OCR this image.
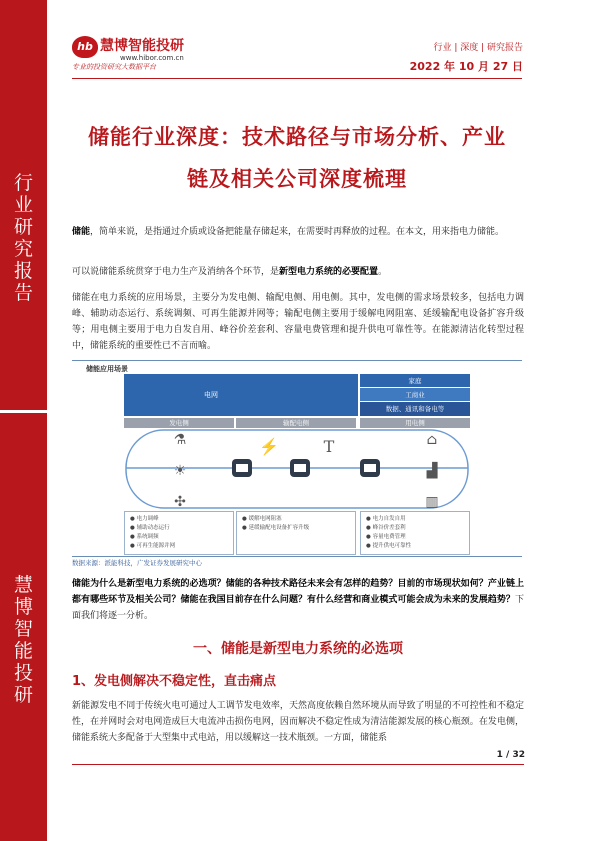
行
业
研
究
报
告
慧
博
智
能
投
研
hb 慧博智能投研
www.hibor.com.cn
专业的投资研究大数据平台
行业 | 深度 | 研究报告
2022 年 10 月 27 日
储能行业深度：技术路径与市场分析、产业
链及相关公司深度梳理
储能，简单来说，是指通过介质或设备把能量存储起来，在需要时再释放的过程。在本文，用来指电力储能。
可以说储能系统贯穿于电力生产及消纳各个环节，是新型电力系统的必要配置。
储能在电力系统的应用场景，主要分为发电侧、输配电侧、用电侧。其中，发电侧的需求场景较多，包括电力调峰、辅助动态运行、系统调频、可再生能源并网等；输配电侧主要用于缓解电网阻塞、延缓输配电设备扩容升级等；用电侧主要用于电力自发自用、峰谷价差套利、容量电费管理和提升供电可靠性等。在能源清洁化转型过程中，储能系统的重要性已不言而喻。
储能应用场景
电网
家庭
工商业
数据、通讯和备电等
发电侧	输配电侧	用电侧
⚗
☀
✣
⚡	T	⌂
▟
▥
● 电力调峰
● 辅助动态运行
● 系统调频
● 可再生能源并网
● 缓解电网阻塞
● 延缓输配电设备扩容升级
● 电力自发自用
● 峰谷价差套利
● 容量电费管理
● 提升供电可靠性
数据来源：派能科技，广发证券发展研究中心
储能为什么是新型电力系统的必选项？储能的各种技术路径未来会有怎样的趋势？目前的市场现状如何？产业链上都有哪些环节及相关公司？储能在我国目前存在什么问题？有什么经营和商业模式可能会成为未来的发展趋势？下面我们将逐一分析。
一、储能是新型电力系统的必选项
1、发电侧解决不稳定性，直击痛点
新能源发电不同于传统火电可通过人工调节发电效率，天然高度依赖自然环境从而导致了明显的不可控性和不稳定性，在并网时会对电网造成巨大电流冲击损伤电网，因而解决不稳定性成为清洁能源发展的核心瓶颈。在发电侧，储能系统大多配备于大型集中式电站，用以缓解这一技术瓶颈。一方面，储能系
1 / 32
